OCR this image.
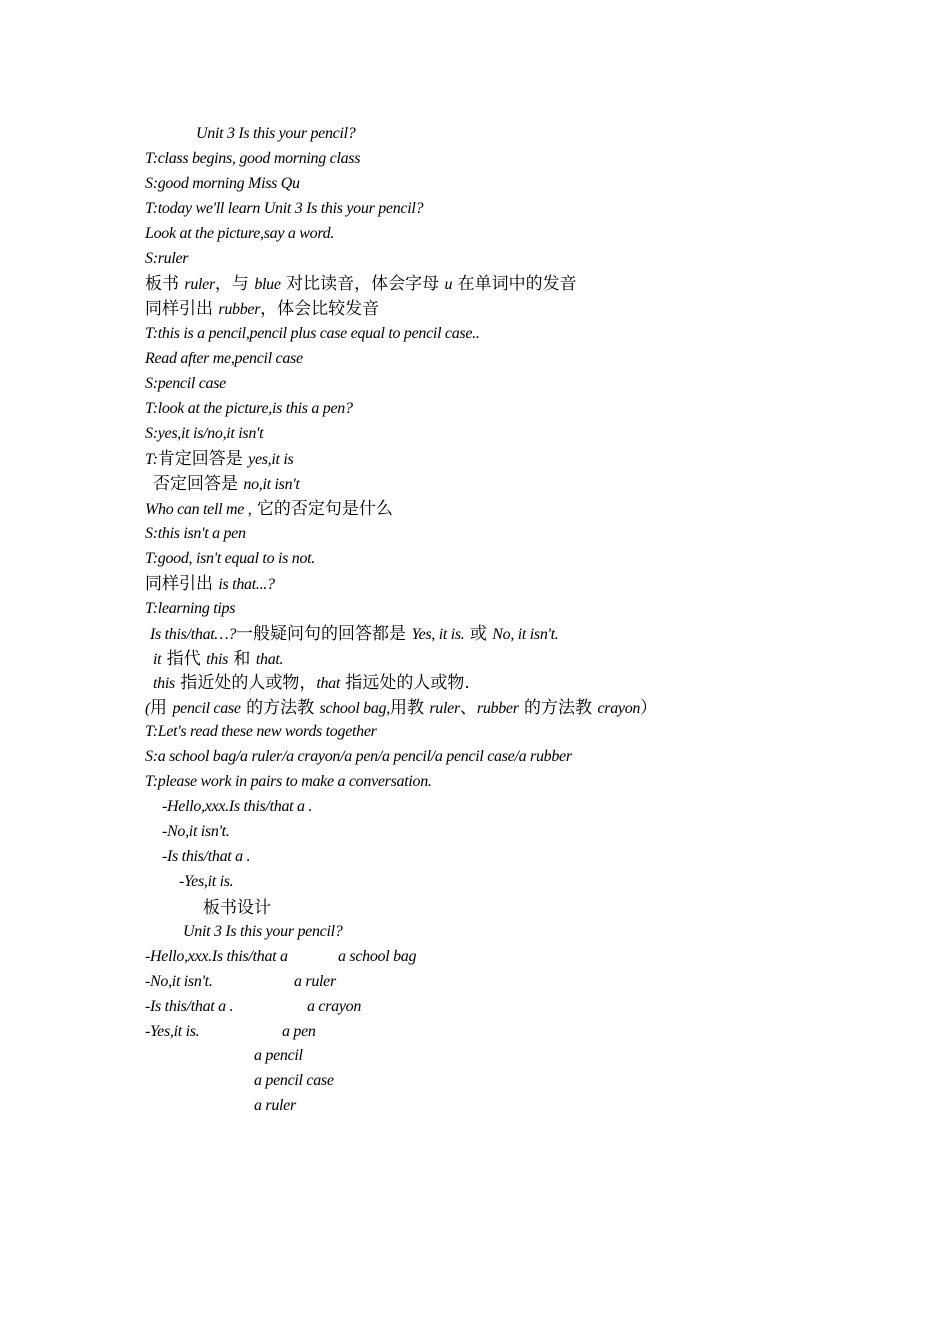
Unit 3 Is this your pencil?
T:class begins, good morning class
S:good morning Miss Qu
T:today we'll learn Unit 3 Is this your pencil?
Look at the picture,say a word.
S:ruler
板书 ruler，与 blue 对比读音，体会字母 u 在单词中的发音
同样引出 rubber，体会比较发音
T:this is a pencil,pencil plus case equal to pencil case..
Read after me,pencil case
S:pencil case
T:look at the picture,is this a pen?
S:yes,it is/no,it isn't
T:肯定回答是 yes,it is
否定回答是 no,it isn't
Who can tell me , 它的否定句是什么
S:this isn't a pen
T:good, isn't equal to is not.
同样引出 is that...?
T:learning tips
Is this/that…?一般疑问句的回答都是 Yes, it is. 或 No, it isn't.
it 指代 this 和 that.
this 指近处的人或物，that 指远处的人或物.
(用 pencil case 的方法教 school bag,用教 ruler、rubber 的方法教 crayon）
T:Let's read these new words together
S:a school bag/a ruler/a crayon/a pen/a pencil/a pencil case/a rubber
T:please work in pairs to make a conversation.
-Hello,xxx.Is this/that a .
-No,it isn't.
-Is this/that a .
-Yes,it is.
板书设计
Unit 3 Is this your pencil?
-Hello,xxx.Is this/that a
-No,it isn't.
-Is this/that a .
-Yes,it is.
a school bag
a ruler
a crayon
a pen
a pencil
a pencil case
a ruler
